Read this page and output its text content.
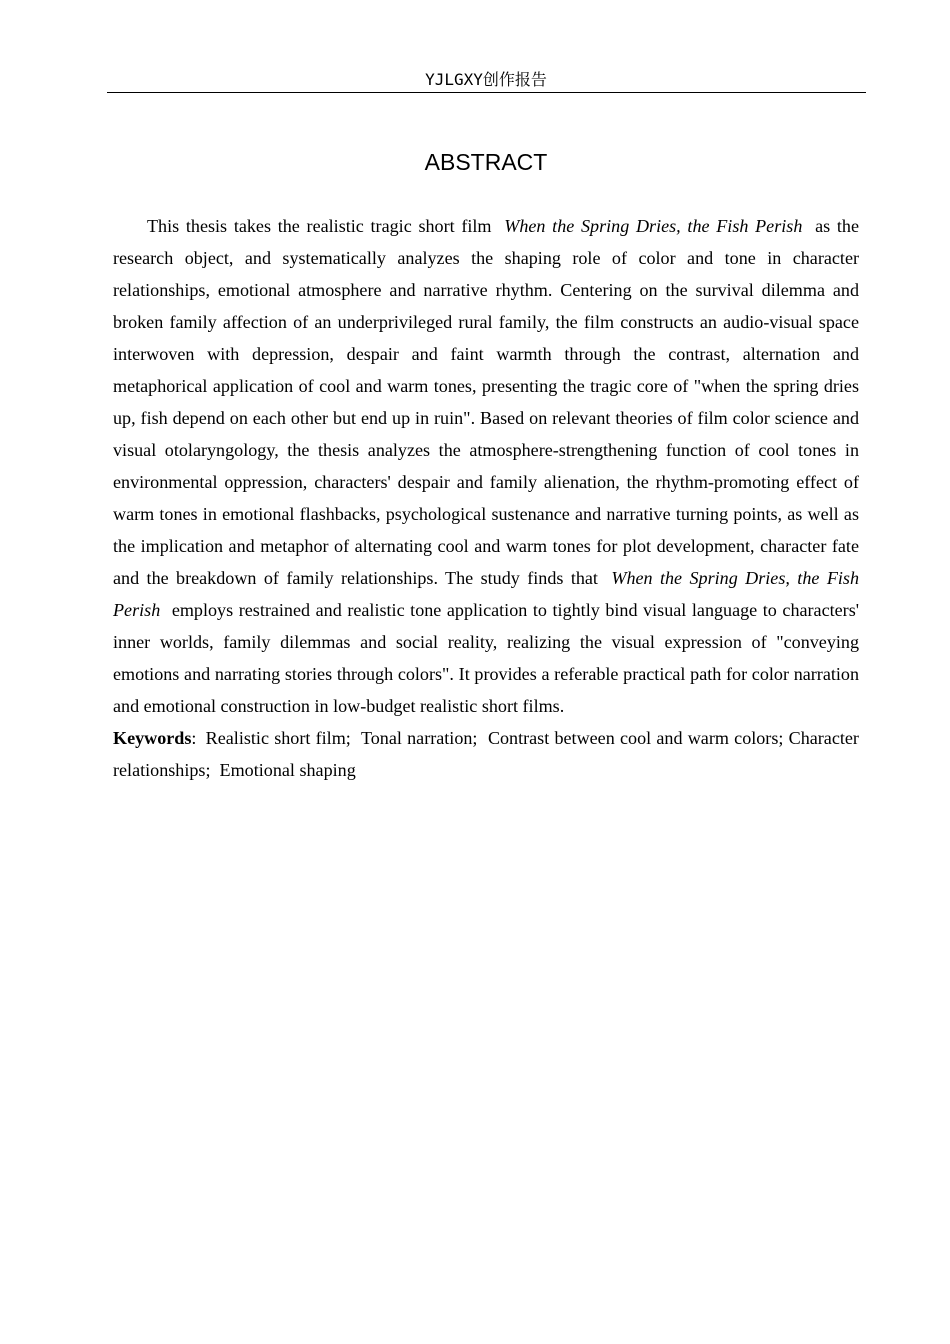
YJLGXY创作报告
ABSTRACT

This thesis takes the realistic tragic short film When the Spring Dries, the Fish Perish as the research object, and systematically analyzes the shaping role of color and tone in character relationships, emotional atmosphere and narrative rhythm. Centering on the survival dilemma and broken family affection of an underprivileged rural family, the film constructs an audio-visual space interwoven with depression, despair and faint warmth through the contrast, alternation and metaphorical application of cool and warm tones, presenting the tragic core of "when the spring dries up, fish depend on each other but end up in ruin". Based on relevant theories of film color science and visual otolaryngology, the thesis analyzes the atmosphere-strengthening function of cool tones in environmental oppression, characters' despair and family alienation, the rhythm-promoting effect of warm tones in emotional flashbacks, psychological sustenance and narrative turning points, as well as the implication and metaphor of alternating cool and warm tones for plot development, character fate and the breakdown of family relationships. The study finds that When the Spring Dries, the Fish Perish employs restrained and realistic tone application to tightly bind visual language to characters' inner worlds, family dilemmas and social reality, realizing the visual expression of "conveying emotions and narrating stories through colors". It provides a referable practical path for color narration and emotional construction in low-budget realistic short films.

Keywords: Realistic short film; Tonal narration; Contrast between cool and warm colors; Character relationships; Emotional shaping
